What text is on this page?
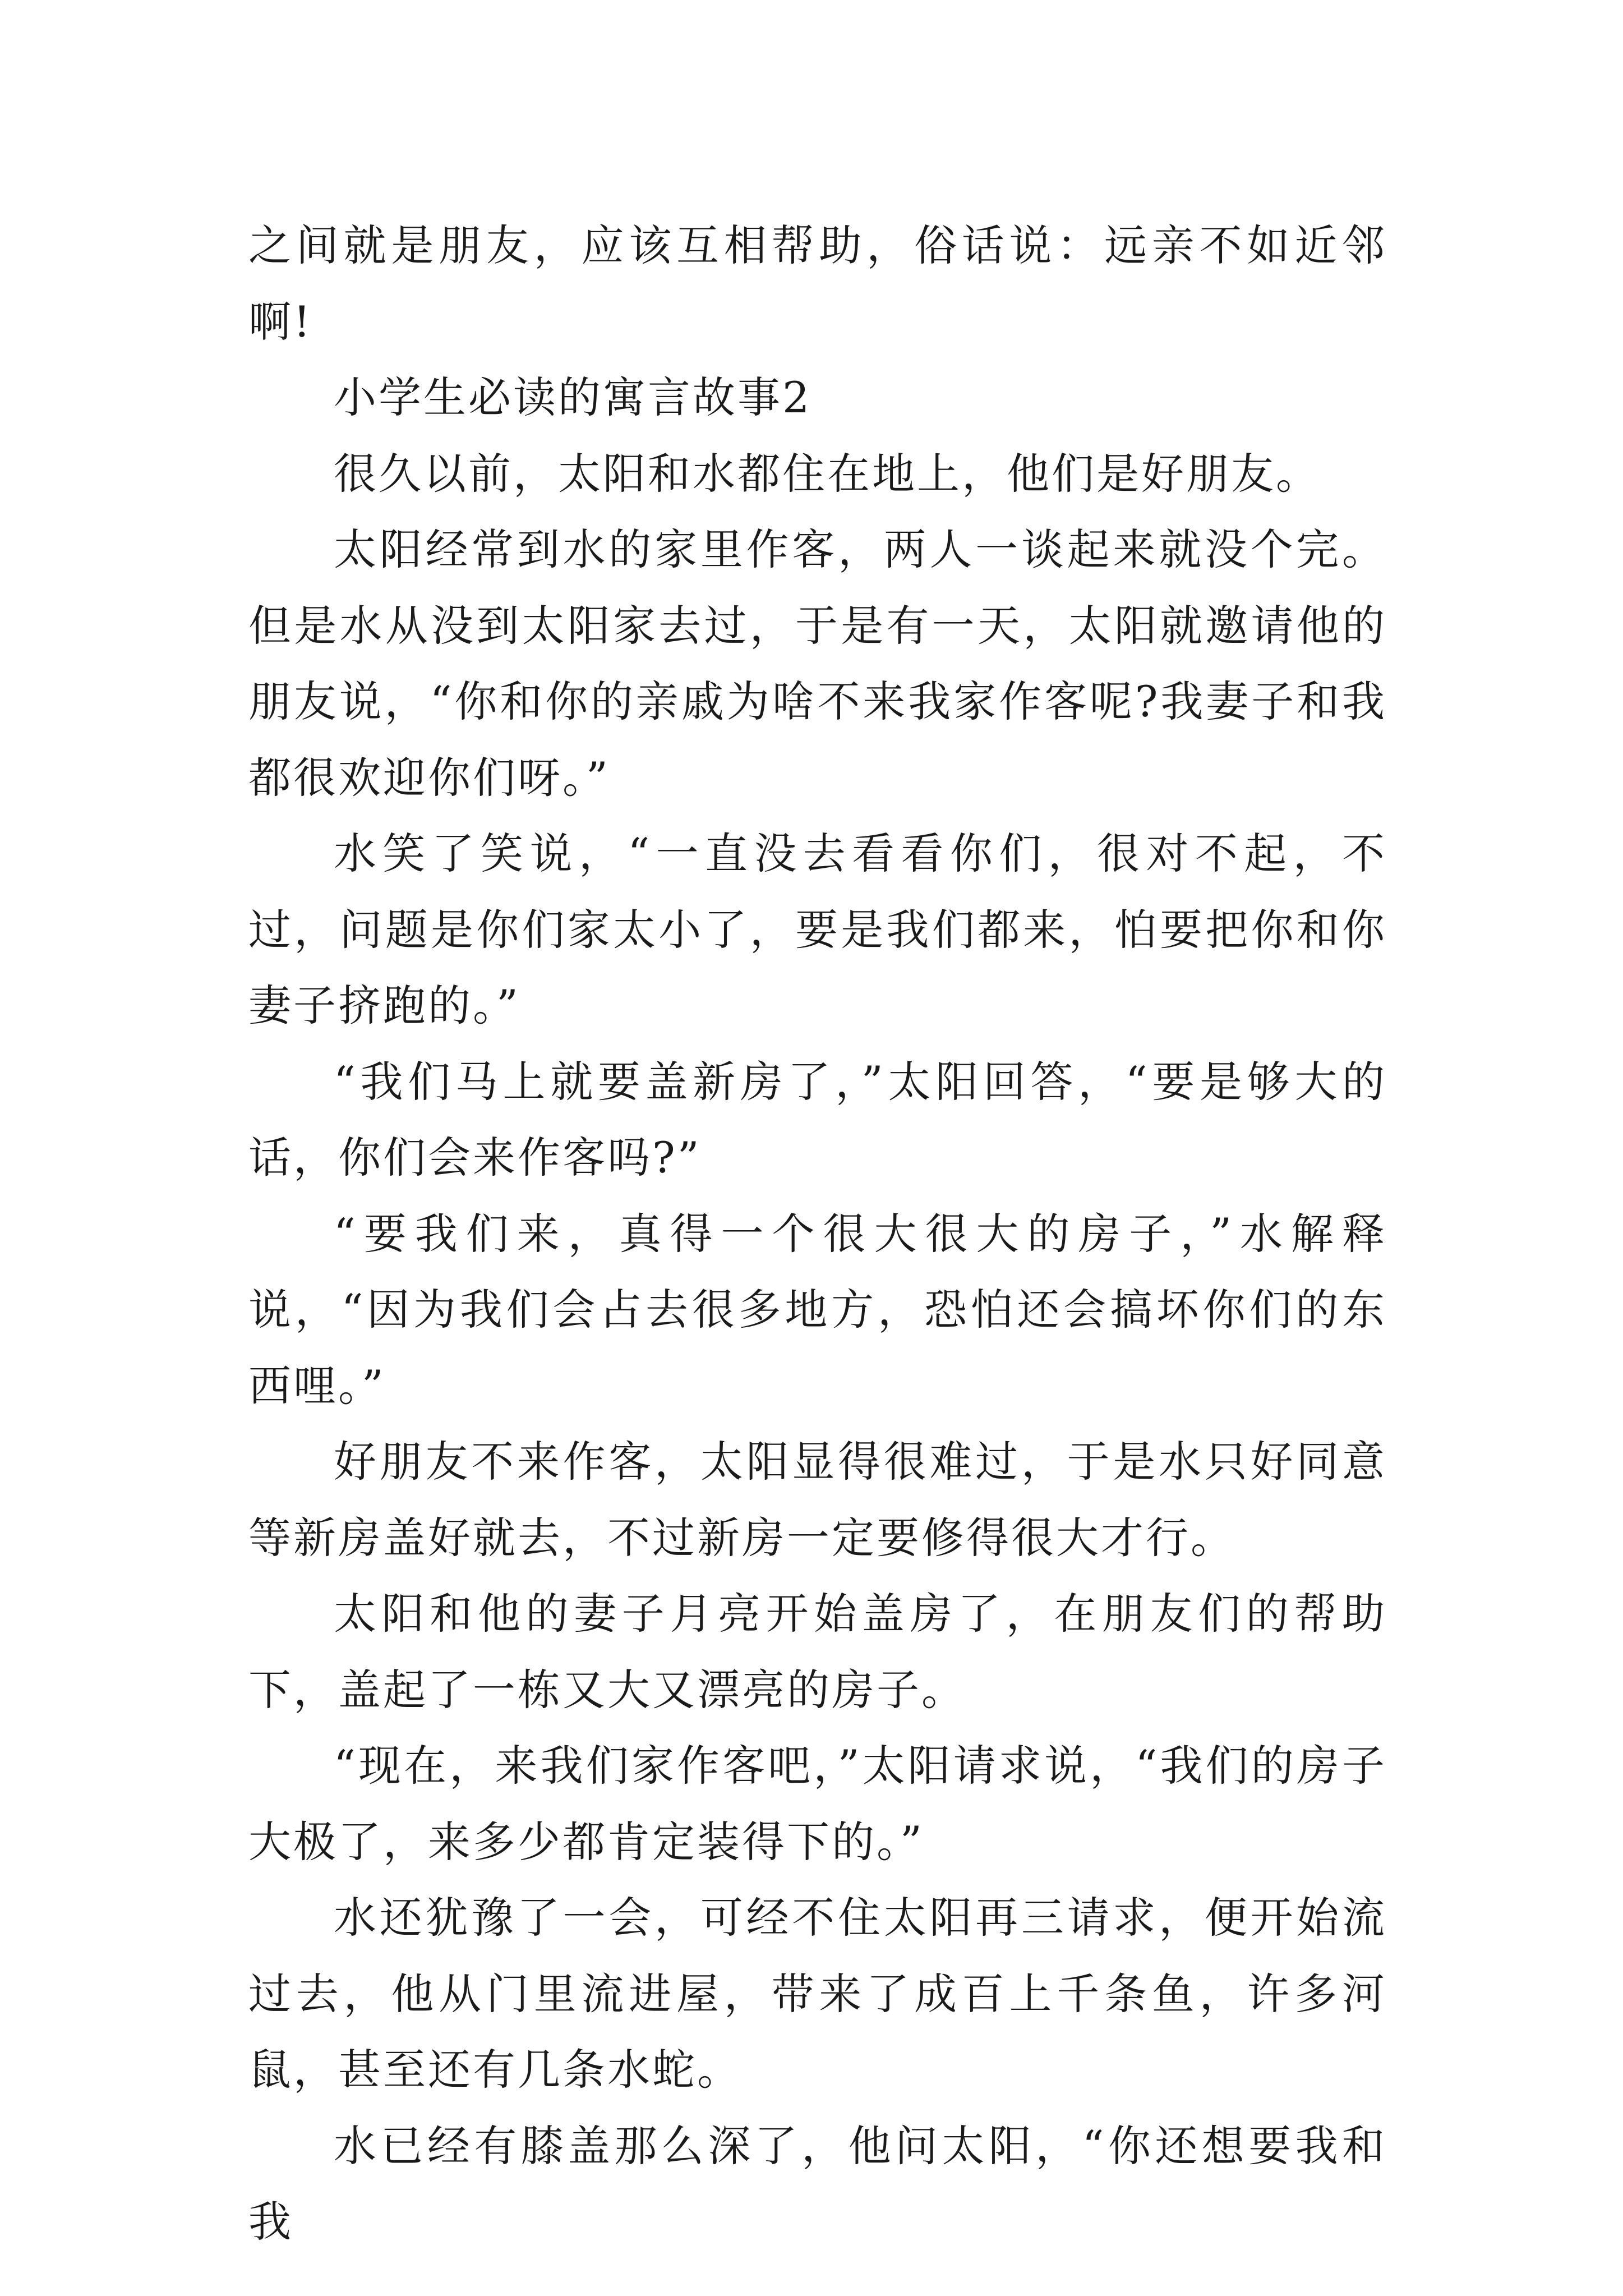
之间就是朋友，应该互相帮助，俗话说：远亲不如近邻啊!

小学生必读的寓言故事2

很久以前，太阳和水都住在地上，他们是好朋友。

太阳经常到水的家里作客，两人一谈起来就没个完。但是水从没到太阳家去过，于是有一天，太阳就邀请他的朋友说，“你和你的亲戚为啥不来我家作客呢?我妻子和我都很欢迎你们呀。”

水笑了笑说，“一直没去看看你们，很对不起，不过，问题是你们家太小了，要是我们都来，怕要把你和你妻子挤跑的。”

“我们马上就要盖新房了，”太阳回答，“要是够大的话，你们会来作客吗?”

“要我们来，真得一个很大很大的房子，”水解释说，“因为我们会占去很多地方，恐怕还会搞坏你们的东西哩。”

好朋友不来作客，太阳显得很难过，于是水只好同意等新房盖好就去，不过新房一定要修得很大才行。

太阳和他的妻子月亮开始盖房了，在朋友们的帮助下，盖起了一栋又大又漂亮的房子。

“现在，来我们家作客吧，”太阳请求说，“我们的房子大极了，来多少都肯定装得下的。”

水还犹豫了一会，可经不住太阳再三请求，便开始流过去，他从门里流进屋，带来了成百上千条鱼，许多河鼠，甚至还有几条水蛇。

水已经有膝盖那么深了，他问太阳，“你还想要我和我
